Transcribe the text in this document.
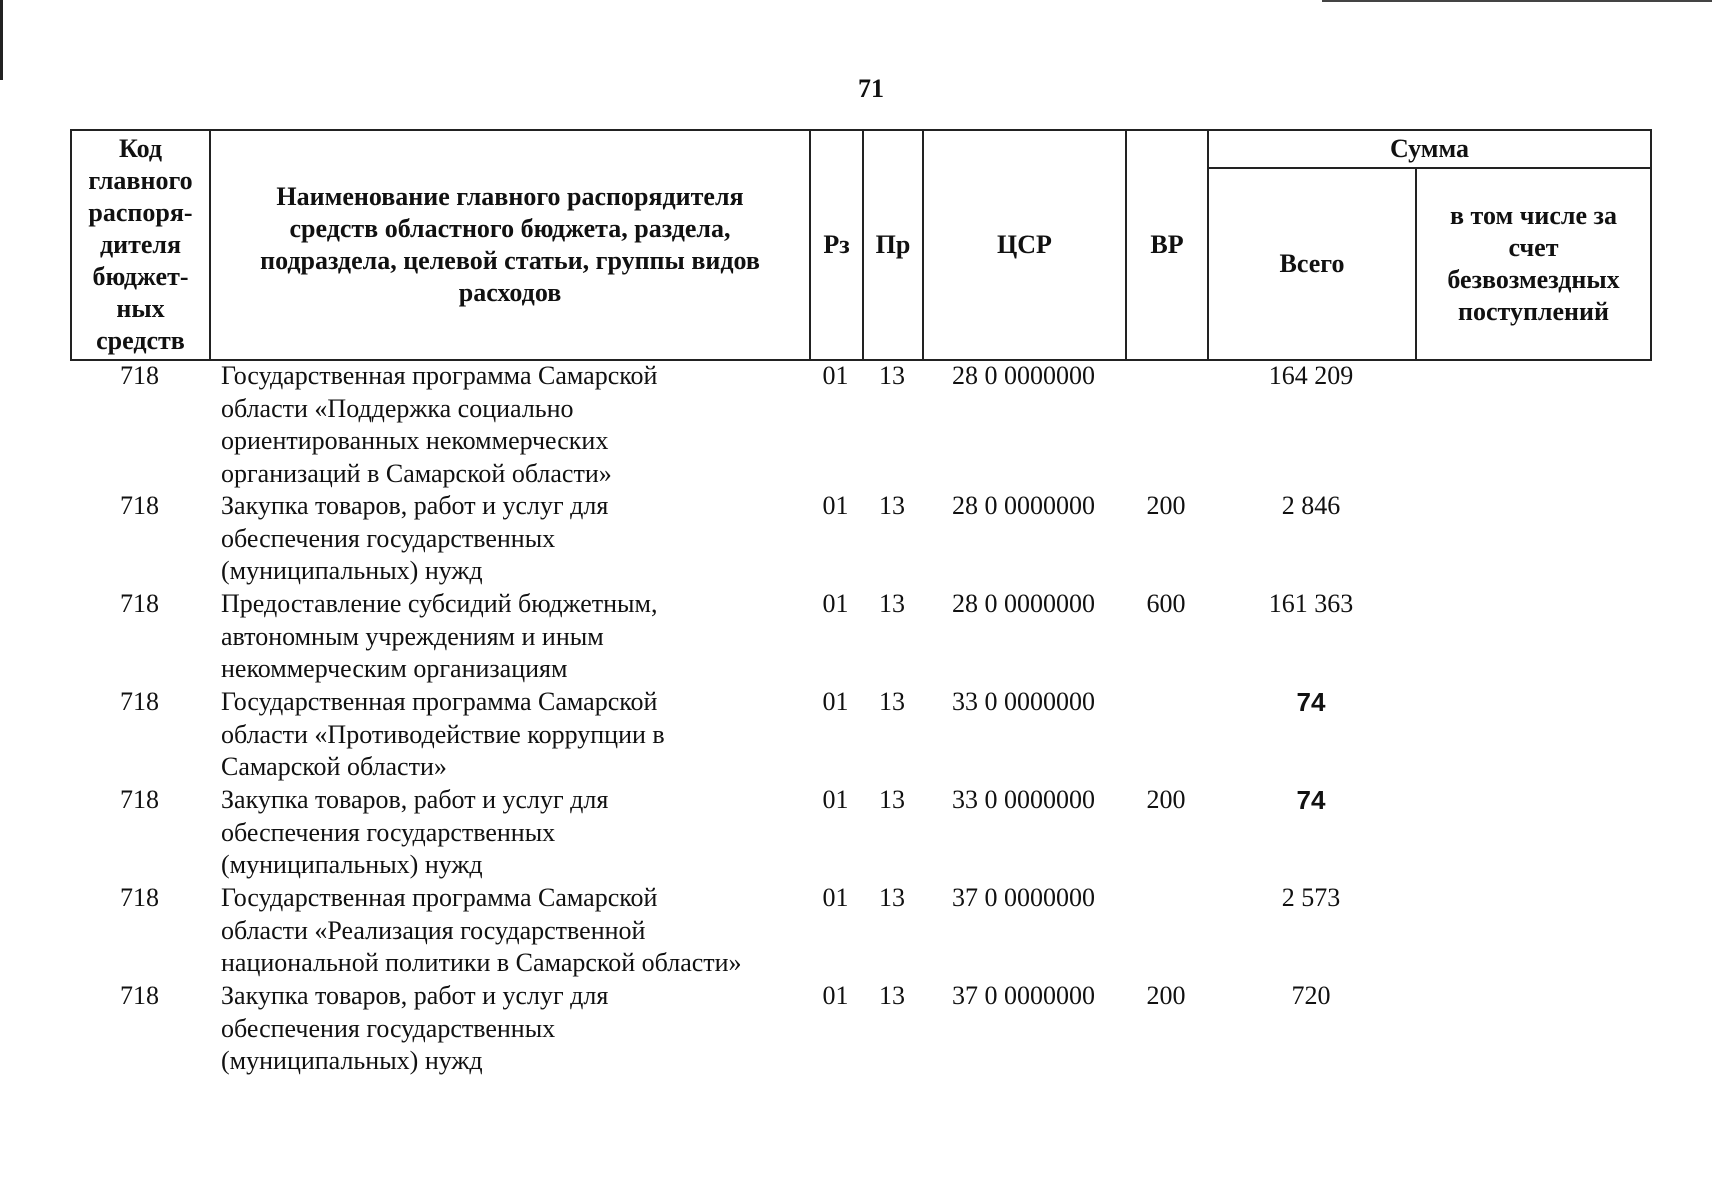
71
Код главного распоря-дителя бюджет-ных средств	Наименование главного распорядителя средств областного бюджета, раздела, подраздела, целевой статьи, группы видов расходов	Рз	Пр	ЦСР	ВР	Сумма	
						Всего	в том числе за счет безвозмездных поступлений
718	Государственная программа Самарской
области «Поддержка социально
ориентированных некоммерческих
организаций в Самарской области»	01	13	28 0 0000000		164 209	
718	Закупка товаров, работ и услуг для
обеспечения государственных
(муниципальных) нужд	01	13	28 0 0000000	200	2 846	
718	Предоставление субсидий бюджетным,
автономным учреждениям и иным
некоммерческим организациям	01	13	28 0 0000000	600	161 363	
718	Государственная программа Самарской
области «Противодействие коррупции в
Самарской области»	01	13	33 0 0000000		74	
718	Закупка товаров, работ и услуг для
обеспечения государственных
(муниципальных) нужд	01	13	33 0 0000000	200	74	
718	Государственная программа Самарской
области «Реализация государственной
национальной политики в Самарской области»	01	13	37 0 0000000		2 573	
718	Закупка товаров, работ и услуг для
обеспечения государственных
(муниципальных) нужд	01	13	37 0 0000000	200	720	
